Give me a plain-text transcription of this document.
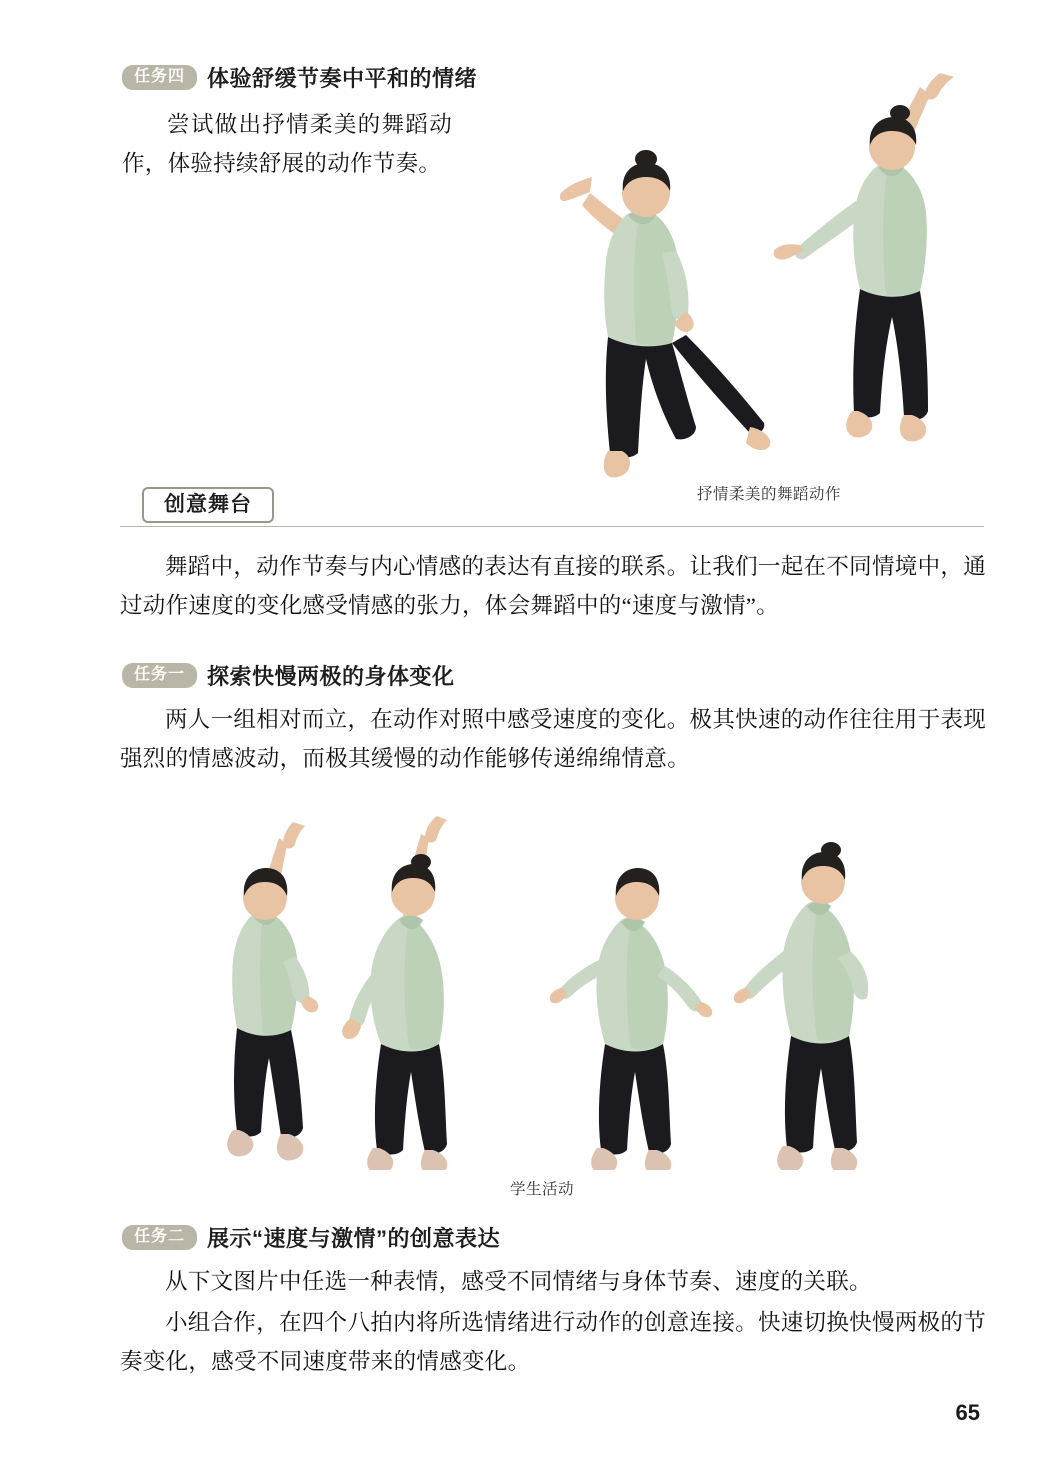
任务四	体验舒缓节奏中平和的情绪
尝试做出抒情柔美的舞蹈动作，体验持续舒展的动作节奏。
抒情柔美的舞蹈动作
创意舞台
舞蹈中，动作节奏与内心情感的表达有直接的联系。让我们一起在不同情境中，通过动作速度的变化感受情感的张力，体会舞蹈中的“速度与激情”。
任务一	探索快慢两极的身体变化
两人一组相对而立，在动作对照中感受速度的变化。极其快速的动作往往用于表现强烈的情感波动，而极其缓慢的动作能够传递绵绵情意。
学生活动
任务二	展示“速度与激情”的创意表达
从下文图片中任选一种表情，感受不同情绪与身体节奏、速度的关联。
小组合作，在四个八拍内将所选情绪进行动作的创意连接。快速切换快慢两极的节奏变化，感受不同速度带来的情感变化。
65
